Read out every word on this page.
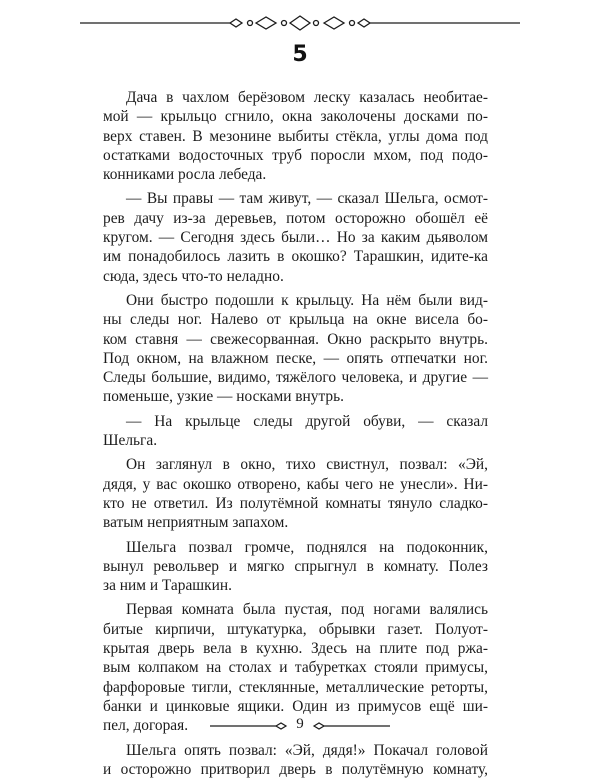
5

Дача в чахлом берёзовом леску казалась необитае-
мой — крыльцо сгнило, окна заколочены досками по-
верх ставен. В мезонине выбиты стёкла, углы дома под
остатками водосточных труб поросли мхом, под подо-
конниками росла лебеда.

— Вы правы — там живут, — сказал Шельга, осмот-
рев дачу из-за деревьев, потом осторожно обошёл её
кругом. — Сегодня здесь были… Но за каким дьяволом
им понадобилось лазить в окошко? Тарашкин, идите-ка
сюда, здесь что-то неладно.

Они быстро подошли к крыльцу. На нём были вид-
ны следы ног. Налево от крыльца на окне висела бо-
ком ставня — свежесорванная. Окно раскрыто внутрь.
Под окном, на влажном песке, — опять отпечатки ног.
Следы большие, видимо, тяжёлого человека, и другие —
поменьше, узкие — носками внутрь.

— На крыльце следы другой обуви, — сказал
Шельга.

Он заглянул в окно, тихо свистнул, позвал: «Эй,
дядя, у вас окошко отворено, кабы чего не унесли». Ни-
кто не ответил. Из полутёмной комнаты тянуло сладко-
ватым неприятным запахом.

Шельга позвал громче, поднялся на подоконник,
вынул револьвер и мягко спрыгнул в комнату. Полез
за ним и Тарашкин.

Первая комната была пустая, под ногами валялись
битые кирпичи, штукатурка, обрывки газет. Полуот-
крытая дверь вела в кухню. Здесь на плите под ржа-
вым колпаком на столах и табуретках стояли примусы,
фарфоровые тигли, стеклянные, металлические реторты,
банки и цинковые ящики. Один из примусов ещё ши-
пел, догорая.

Шельга опять позвал: «Эй, дядя!» Покачал головой
и осторожно притворил дверь в полутёмную комнату,

9
